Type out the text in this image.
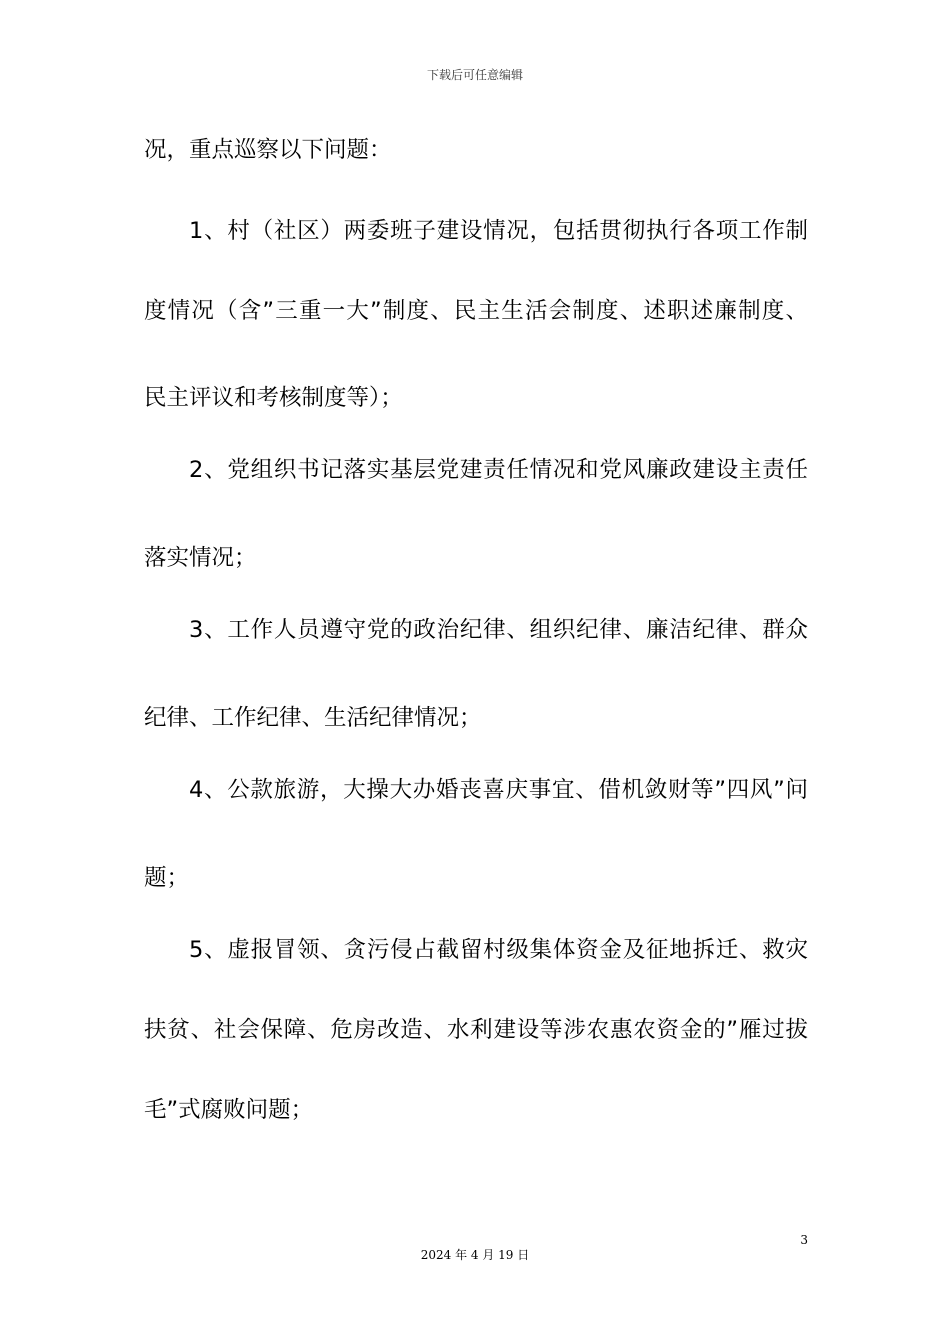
下载后可任意编辑
况，重点巡察以下问题：
1、村（社区）两委班子建设情况，包括贯彻执行各项工作制
度情况（含”三重一大”制度、民主生活会制度、述职述廉制度、
民主评议和考核制度等）；
2、党组织书记落实基层党建责任情况和党风廉政建设主责任
落实情况；
3、工作人员遵守党的政治纪律、组织纪律、廉洁纪律、群众
纪律、工作纪律、生活纪律情况；
4、公款旅游，大操大办婚丧喜庆事宜、借机敛财等”四风”问
题；
5、虚报冒领、贪污侵占截留村级集体资金及征地拆迁、救灾
扶贫、社会保障、危房改造、水利建设等涉农惠农资金的”雁过拔
毛”式腐败问题；
3
2024 年 4 月 19 日
